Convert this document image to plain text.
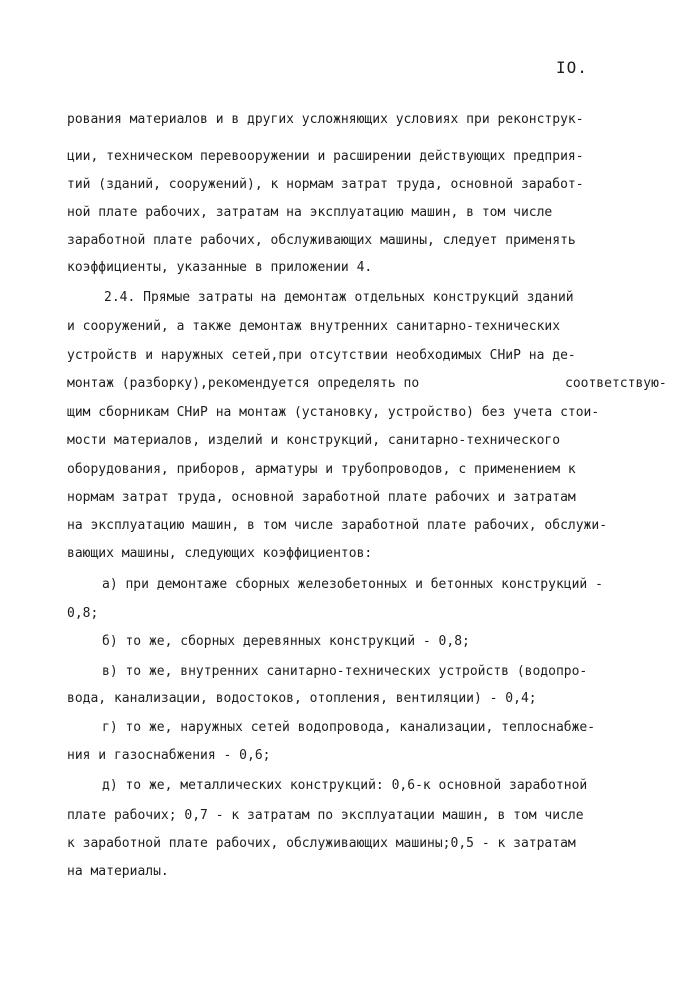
IO.
рования материалов и в других усложняющих условиях при реконструк-
ции, техническом перевооружении и расширении действующих предприя-
тий (зданий, сооружений), к нормам затрат труда, основной заработ-
ной плате рабочих, затратам на эксплуатацию машин, в том числе
заработной плате рабочих, обслуживающих машины, следует применять
коэффициенты, указанные в приложении 4.
2.4. Прямые затраты на демонтаж отдельных конструкций зданий
и сооружений, а также демонтаж внутренних санитарно-технических
устройств и наружных сетей,при отсутствии необходимых СНиР на де-
монтаж (разборку),рекомендуется определять по	соответствую-
щим сборникам СНиР на монтаж (установку, устройство) без учета стои-
мости материалов, изделий и конструкций, санитарно-технического
оборудования, приборов, арматуры и трубопроводов, с применением к
нормам затрат труда, основной заработной плате рабочих и затратам
на эксплуатацию машин, в том числе заработной плате рабочих, обслужи-
вающих машины, следующих коэффициентов:
а) при демонтаже сборных железобетонных и бетонных конструкций -
0,8;
б) то же, сборных деревянных конструкций - 0,8;
в) то же, внутренних санитарно-технических устройств (водопро-
вода, канализации, водостоков, отопления, вентиляции) - 0,4;
г) то же, наружных сетей водопровода, канализации, теплоснабже-
ния и газоснабжения - 0,6;
д) то же, металлических конструкций: 0,6-к основной заработной
плате рабочих; 0,7 - к затратам по эксплуатации машин, в том числе
к заработной плате рабочих, обслуживающих машины;0,5 - к затратам
на материалы.
